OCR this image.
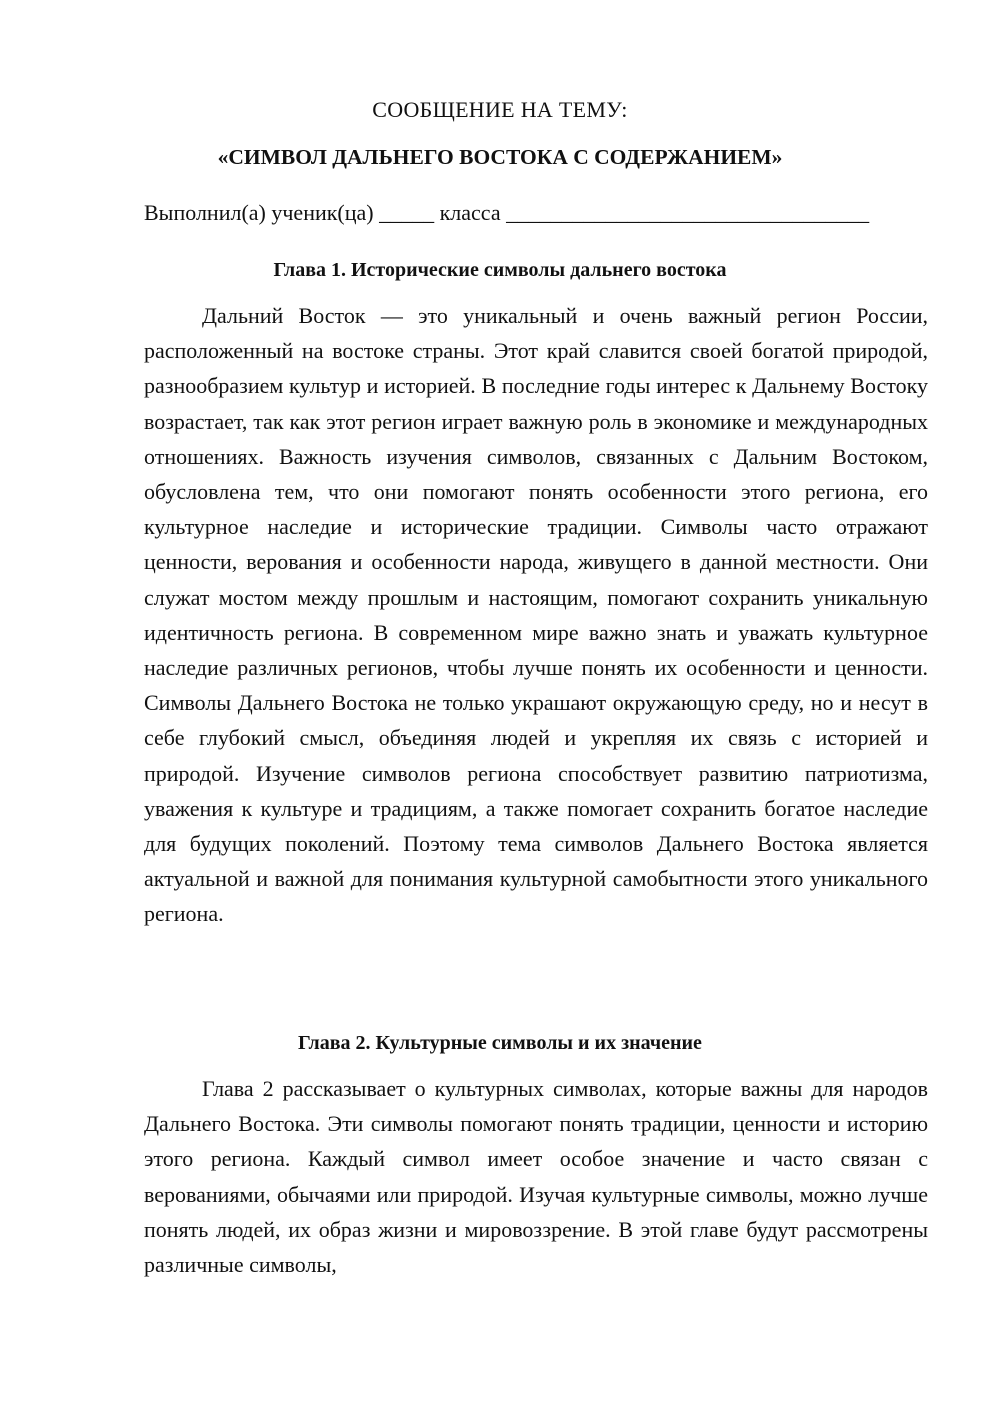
СООБЩЕНИЕ НА ТЕМУ:

«СИМВОЛ ДАЛЬНЕГО ВОСТОКА С СОДЕРЖАНИЕМ»

Выполнил(а) ученик(ца) _____ класса _________________________________

Глава 1. Исторические символы дальнего востока

Дальний Восток — это уникальный и очень важный регион России, расположенный на востоке страны. Этот край славится своей богатой природой, разнообразием культур и историей. В последние годы интерес к Дальнему Востоку возрастает, так как этот регион играет важную роль в экономике и международных отношениях. Важность изучения символов, связанных с Дальним Востоком, обусловлена тем, что они помогают понять особенности этого региона, его культурное наследие и исторические традиции. Символы часто отражают ценности, верования и особенности народа, живущего в данной местности. Они служат мостом между прошлым и настоящим, помогают сохранить уникальную идентичность региона. В современном мире важно знать и уважать культурное наследие различных регионов, чтобы лучше понять их особенности и ценности. Символы Дальнего Востока не только украшают окружающую среду, но и несут в себе глубокий смысл, объединяя людей и укрепляя их связь с историей и природой. Изучение символов региона способствует развитию патриотизма, уважения к культуре и традициям, а также помогает сохранить богатое наследие для будущих поколений. Поэтому тема символов Дальнего Востока является актуальной и важной для понимания культурной самобытности этого уникального региона.

Глава 2. Культурные символы и их значение

Глава 2 рассказывает о культурных символах, которые важны для народов Дальнего Востока. Эти символы помогают понять традиции, ценности и историю этого региона. Каждый символ имеет особое значение и часто связан с верованиями, обычаями или природой. Изучая культурные символы, можно лучше понять людей, их образ жизни и мировоззрение. В этой главе будут рассмотрены различные символы,
